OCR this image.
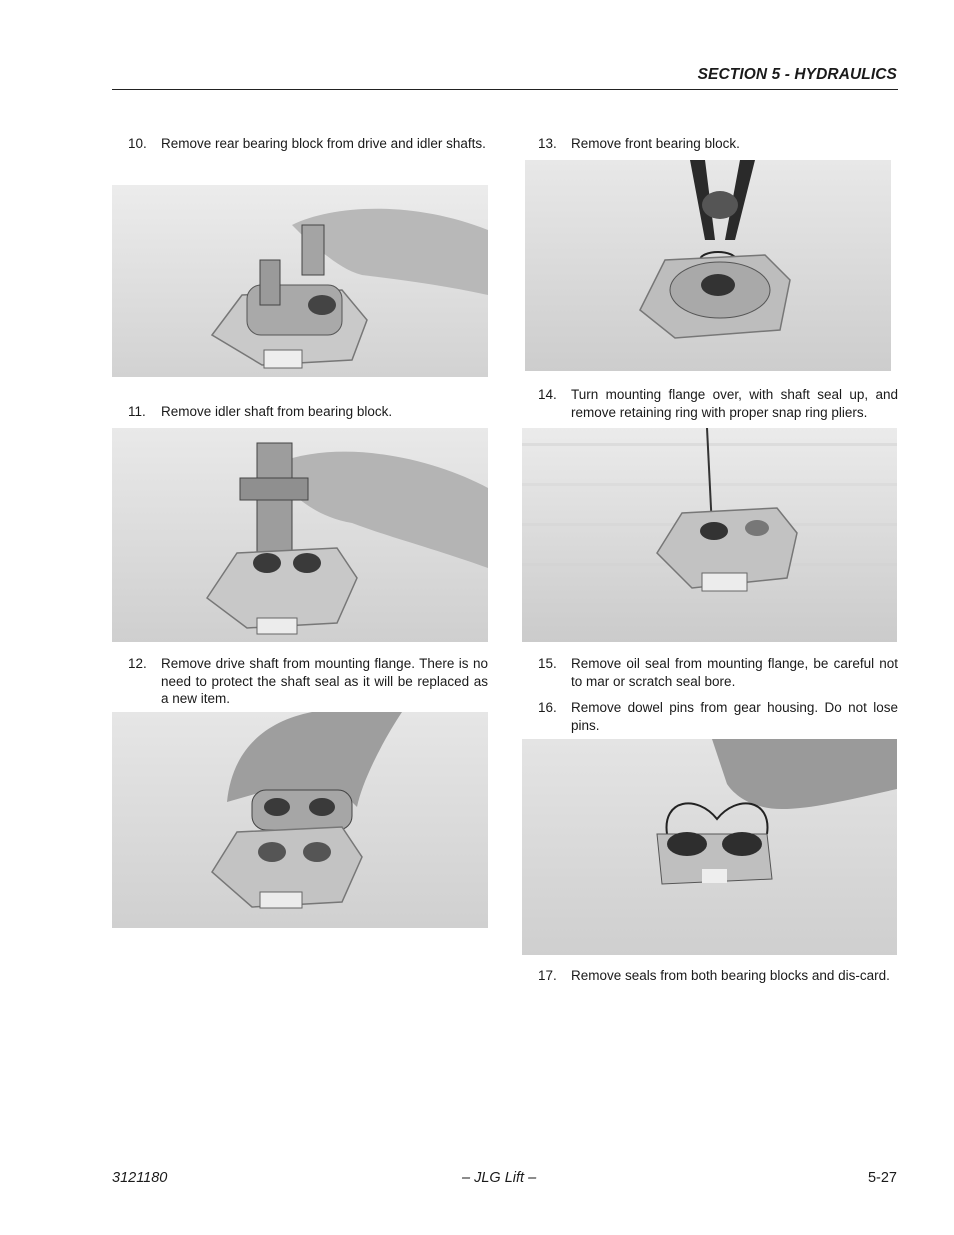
SECTION 5 - HYDRAULICS
10. Remove rear bearing block from drive and idler shafts.
11. Remove idler shaft from bearing block.
12. Remove drive shaft from mounting flange. There is no need to protect the shaft seal as it will be replaced as a new item.
13. Remove front bearing block.
14. Turn mounting flange over, with shaft seal up, and remove retaining ring with proper snap ring pliers.
15. Remove oil seal from mounting flange, be careful not to mar or scratch seal bore.
16. Remove dowel pins from gear housing. Do not lose pins.
17. Remove seals from both bearing blocks and dis-card.
3121180	– JLG Lift –	5-27
